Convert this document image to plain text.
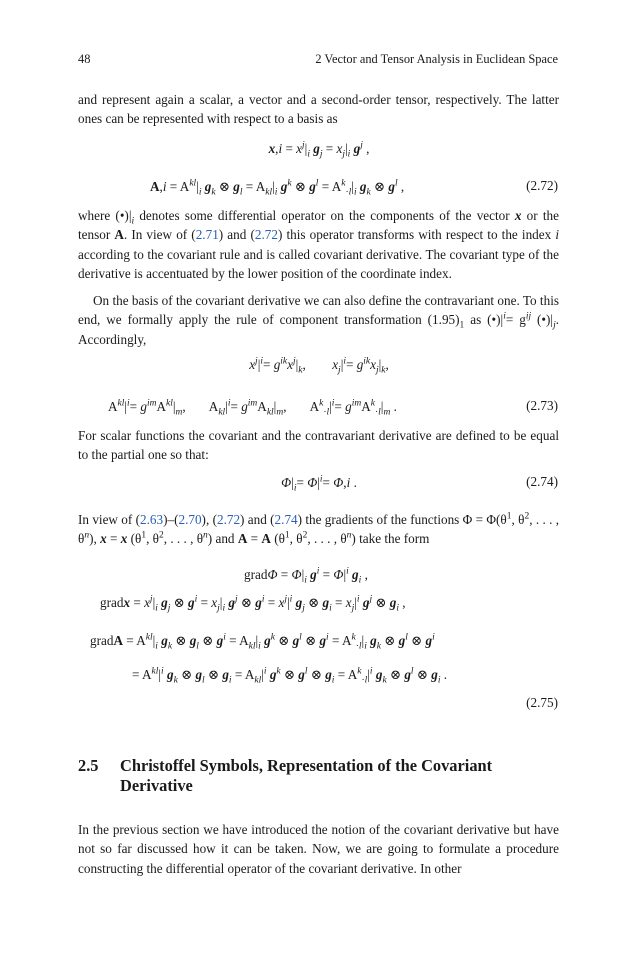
48	2 Vector and Tensor Analysis in Euclidean Space
and represent again a scalar, a vector and a second-order tensor, respectively. The latter ones can be represented with respect to a basis as
$x,i = x^j|_i$ $g_j = x_j|_i$ $g^j$ ,
$A,i = A^{kl}|_i$ $g_k$ ⊗ $g_l = A_{kl}|_i$ $g^k$ ⊗ $g^l = A^k_{\cdot l}|_i$ $g_k$ ⊗ $g^l$ ,	(2.72)
where $(•)|_i$ denotes some differential operator on the components of the vector x or the tensor A. In view of (2.71) and (2.72) this operator transforms with respect to the index i according to the covariant rule and is called covariant derivative. The covariant type of the derivative is accentuated by the lower position of the coordinate index.
On the basis of the covariant derivative we can also define the contravariant one. To this end, we formally apply the rule of component transformation $(1.95)_1$ as $(•)|^i= g^{ij}$ $(•)|_j$. Accordingly,
$x^j|^i= g^{ik}x^j|_k$,        $x_j|^i= g^{ik}x_j|_k$,
$A^{kl}|^i= g^{im}A^{kl}|_m$,       $A_{kl}|^i= g^{im}A_{kl}|_m$,       $A^k_{\cdot l}|^i= g^{im}A^k_{\cdot l}|_m$ .	(2.73)
For scalar functions the covariant and the contravariant derivative are defined to be equal to the partial one so that:
$\Phi|_i= \Phi|^i= \Phi,i$ .	(2.74)
In view of (2.63)–(2.70), (2.72) and (2.74) the gradients of the functions $\Phi = \Phi(\theta^1$, $\theta^2$, . . . , $\theta^n$), x = x ($\theta^1$, $\theta^2$, . . . , $\theta^n$) and A = A ($\theta^1$, $\theta^2$, . . . , $\theta^n$) take the form
gradΦ = $\Phi|_i$ $g^i = \Phi|^i$ $g_i$ ,
gradx = $x^j|_i$ $g_j$ ⊗ $g^i = x_j|_i$ $g^j$ ⊗ $g^i = x^j|^i$ $g_j$ ⊗ $g_i = x_j|^i$ $g^j$ ⊗ $g_i$ ,
gradA = $A^{kl}|_i$ $g_k$ ⊗ $g_l$ ⊗ $g^i = A_{kl}|_i$ $g^k$ ⊗ $g^l$ ⊗ $g^i = A^k_{\cdot l}|_i$ $g_k$ ⊗ $g^l$ ⊗ $g^i$
= $A^{kl}|^i$ $g_k$ ⊗ $g_l$ ⊗ $g_i = A_{kl}|^i$ $g^k$ ⊗ $g^l$ ⊗ $g_i = A^k_{\cdot l}|^i$ $g_k$ ⊗ $g^l$ ⊗ $g_i$ .
(2.75)
2.5 Christoffel Symbols, Representation of the Covariant Derivative
In the previous section we have introduced the notion of the covariant derivative but have not so far discussed how it can be taken. Now, we are going to formulate a procedure constructing the differential operator of the covariant derivative. In other
